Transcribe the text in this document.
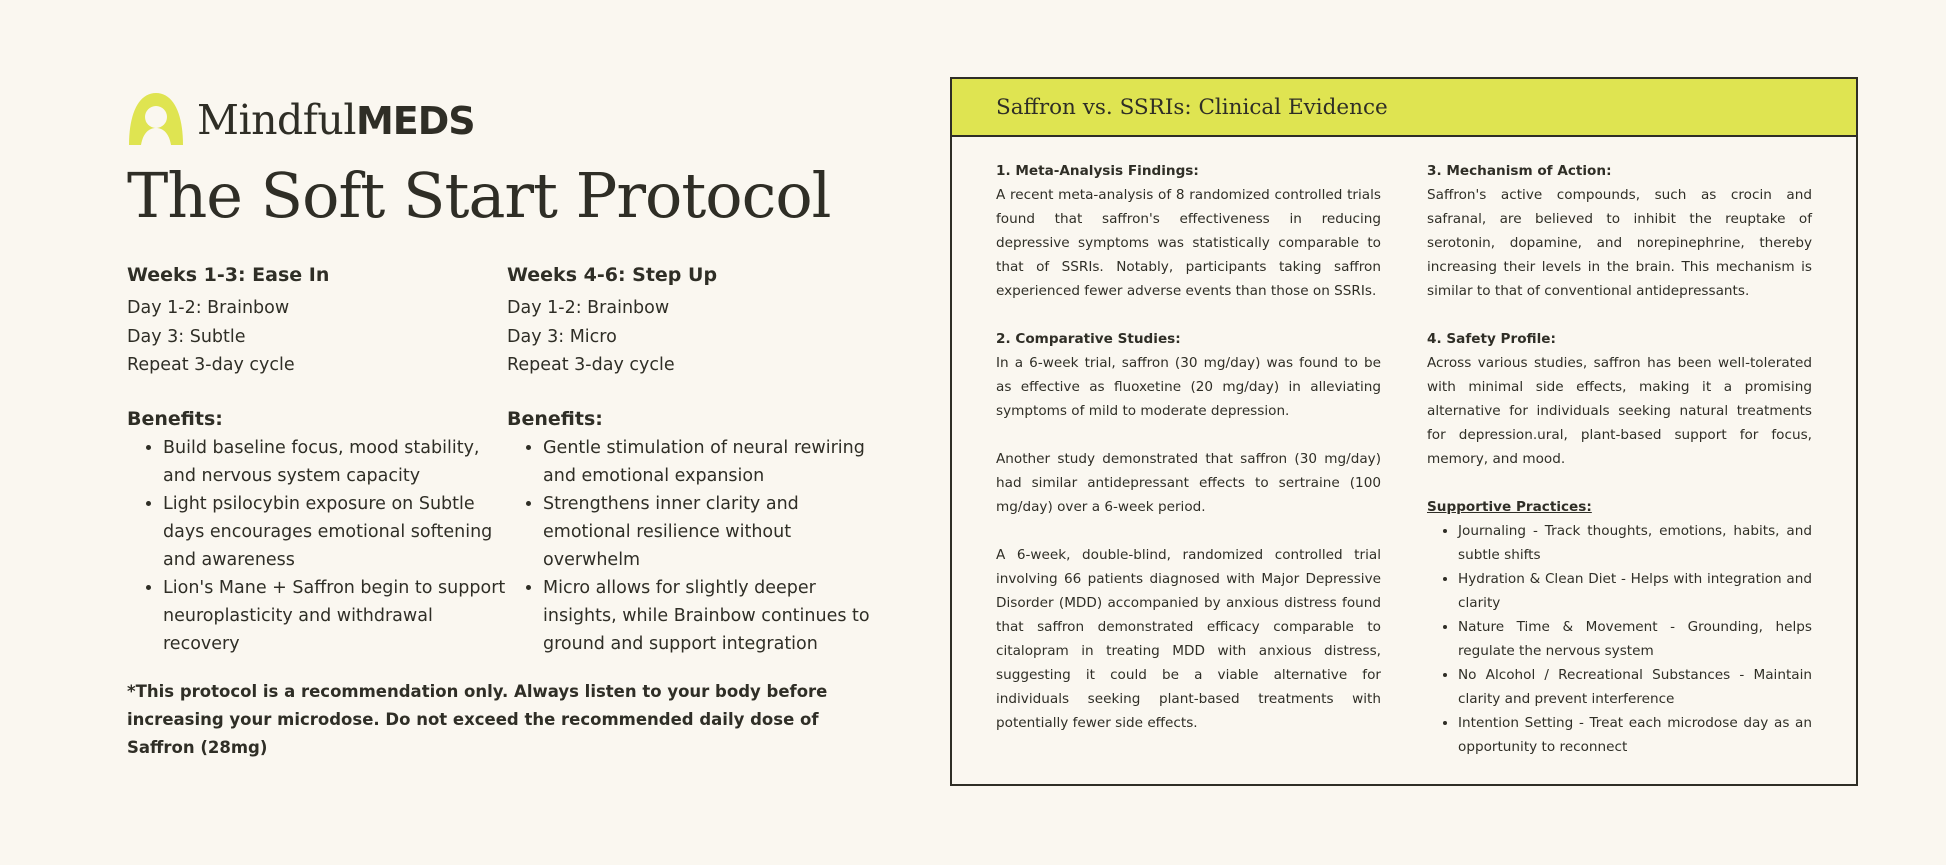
MindfulMEDS
The Soft Start Protocol
Weeks 1-3: Ease In
Day 1-2: Brainbow
Day 3: Subtle
Repeat 3-day cycle
Benefits:
• Build baseline focus, mood stability, and nervous system capacity
• Light psilocybin exposure on Subtle days encourages emotional softening and awareness
• Lion's Mane + Saffron begin to support neuroplasticity and withdrawal recovery
Weeks 4-6: Step Up
Day 1-2: Brainbow
Day 3: Micro
Repeat 3-day cycle
Benefits:
• Gentle stimulation of neural rewiring and emotional expansion
• Strengthens inner clarity and emotional resilience without overwhelm
• Micro allows for slightly deeper insights, while Brainbow continues to ground and support integration
*This protocol is a recommendation only. Always listen to your body before increasing your microdose. Do not exceed the recommended daily dose of Saffron (28mg)
Saffron vs. SSRIs: Clinical Evidence
1. Meta-Analysis Findings:

A recent meta-analysis of 8 randomized controlled trials found that saffron's effectiveness in reducing depressive symptoms was statistically comparable to that of SSRIs. Notably, participants taking saffron experienced fewer adverse events than those on SSRIs.

2. Comparative Studies:

In a 6-week trial, saffron (30 mg/day) was found to be as effective as fluoxetine (20 mg/day) in alleviating symptoms of mild to moderate depression.

Another study demonstrated that saffron (30 mg/day) had similar antidepressant effects to sertraine (100 mg/day) over a 6-week period.

A 6-week, double-blind, randomized controlled trial involving 66 patients diagnosed with Major Depressive Disorder (MDD) accompanied by anxious distress found that saffron demonstrated efficacy comparable to citalopram in treating MDD with anxious distress, suggesting it could be a viable alternative for individuals seeking plant-based treatments with potentially fewer side effects.

3. Mechanism of Action:

Saffron's active compounds, such as crocin and safranal, are believed to inhibit the reuptake of serotonin, dopamine, and norepinephrine, thereby increasing their levels in the brain. This mechanism is similar to that of conventional antidepressants.

4. Safety Profile:

Across various studies, saffron has been well-tolerated with minimal side effects, making it a promising alternative for individuals seeking natural treatments for depression.ural, plant-based support for focus, memory, and mood.

Supportive Practices:
• Journaling - Track thoughts, emotions, habits, and subtle shifts
• Hydration & Clean Diet - Helps with integration and clarity
• Nature Time & Movement - Grounding, helps regulate the nervous system
• No Alcohol / Recreational Substances - Maintain clarity and prevent interference
• Intention Setting - Treat each microdose day as an opportunity to reconnect
